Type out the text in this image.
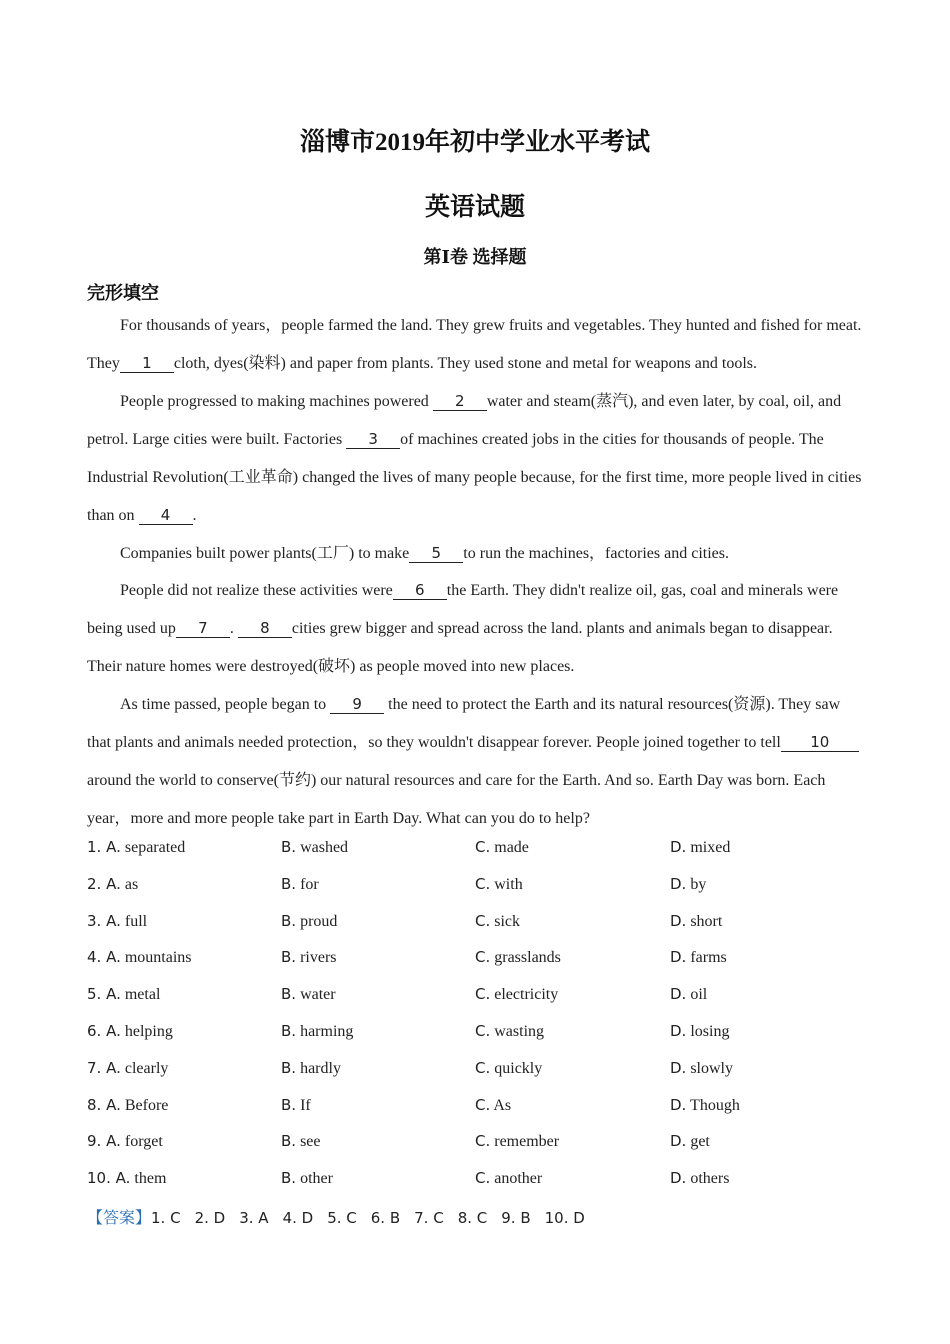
淄博市2019年初中学业水平考试
英语试题
第Ⅰ卷 选择题
完形填空

For thousands of years，people farmed the land. They grew fruits and vegetables. They hunted and fished for meat. They 1 cloth, dyes(染料) and paper from plants. They used stone and metal for weapons and tools.

People progressed to making machines powered 2 water and steam(蒸汽), and even later, by coal, oil, and petrol. Large cities were built. Factories 3 of machines created jobs in the cities for thousands of people. The Industrial Revolution(工业革命) changed the lives of many people because, for the first time, more people lived in cities than on 4 .

Companies built power plants(工厂) to make 5 to run the machines，factories and cities.

People did not realize these activities were 6 the Earth. They didn't realize oil, gas, coal and minerals were being used up 7 . 8 cities grew bigger and spread across the land. plants and animals began to disappear. Their nature homes were destroyed(破坏) as people moved into new places.

As time passed, people began to 9 the need to protect the Earth and its natural resources(资源). They saw that plants and animals needed protection，so they wouldn't disappear forever. People joined together to tell 10around the world to conserve(节约) our natural resources and care for the Earth. And so. Earth Day was born. Each year，more and more people take part in Earth Day. What can you do to help?

1. A. separated	B. washed	C. made	D. mixed
2. A. as	B. for	C. with	D. by
3. A. full	B. proud	C. sick	D. short
4. A. mountains	B. rivers	C. grasslands	D. farms
5. A. metal	B. water	C. electricity	D. oil
6. A. helping	B. harming	C. wasting	D. losing
7. A. clearly	B. hardly	C. quickly	D. slowly
8. A. Before	B. If	C. As	D. Though
9. A. forget	B. see	C. remember	D. get
10. A. them	B. other	C. another	D. others
【答案】1. C 2. D 3. A 4. D 5. C 6. B 7. C 8. C 9. B 10. D
